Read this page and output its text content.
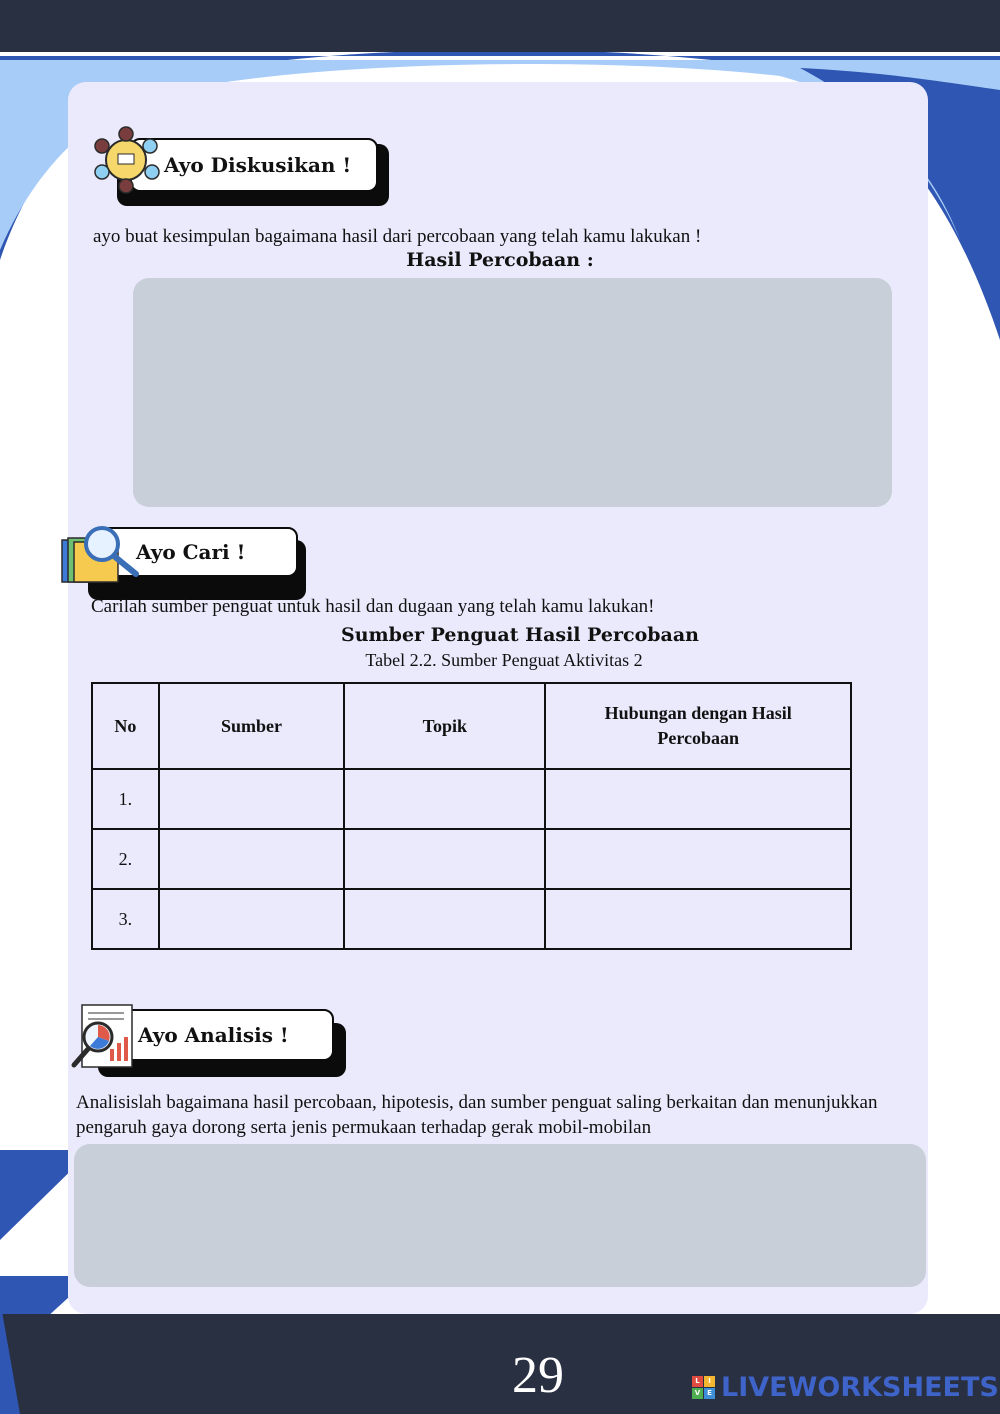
Ayo Diskusikan !
ayo buat kesimpulan bagaimana hasil dari percobaan yang telah kamu lakukan !
Hasil Percobaan :
Ayo Cari !
Carilah sumber penguat untuk hasil dan dugaan yang telah kamu lakukan!
Sumber Penguat Hasil Percobaan
Tabel 2.2. Sumber Penguat Aktivitas 2
No	Sumber	Topik	Hubungan dengan Hasil Percobaan

1.			
2.			
3.			
Ayo Analisis !
Analisislah bagaimana hasil percobaan, hipotesis, dan sumber penguat saling berkaitan dan menunjukkan pengaruh gaya dorong serta jenis permukaan terhadap gerak mobil-mobilan
29	L	I
V E LIVEWORKSHEETS
